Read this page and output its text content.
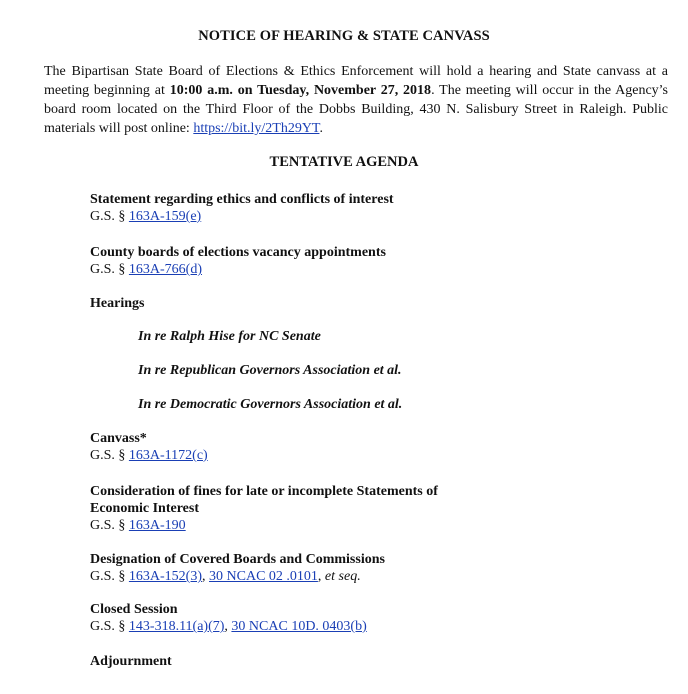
NOTICE OF HEARING & STATE CANVASS
The Bipartisan State Board of Elections & Ethics Enforcement will hold a hearing and State canvass at a meeting beginning at 10:00 a.m. on Tuesday, November 27, 2018. The meeting will occur in the Agency’s board room located on the Third Floor of the Dobbs Building, 430 N. Salisbury Street in Raleigh. Public materials will post online: https://bit.ly/2Th29YT.
TENTATIVE AGENDA
Statement regarding ethics and conflicts of interest
G.S. § 163A-159(e)
County boards of elections vacancy appointments
G.S. § 163A-766(d)
Hearings
In re Ralph Hise for NC Senate
In re Republican Governors Association et al.
In re Democratic Governors Association et al.
Canvass*
G.S. § 163A-1172(c)
Consideration of fines for late or incomplete Statements of
Economic Interest
G.S. § 163A-190
Designation of Covered Boards and Commissions
G.S. § 163A-152(3), 30 NCAC 02 .0101, et seq.
Closed Session
G.S. § 143-318.11(a)(7), 30 NCAC 10D. 0403(b)
Adjournment
